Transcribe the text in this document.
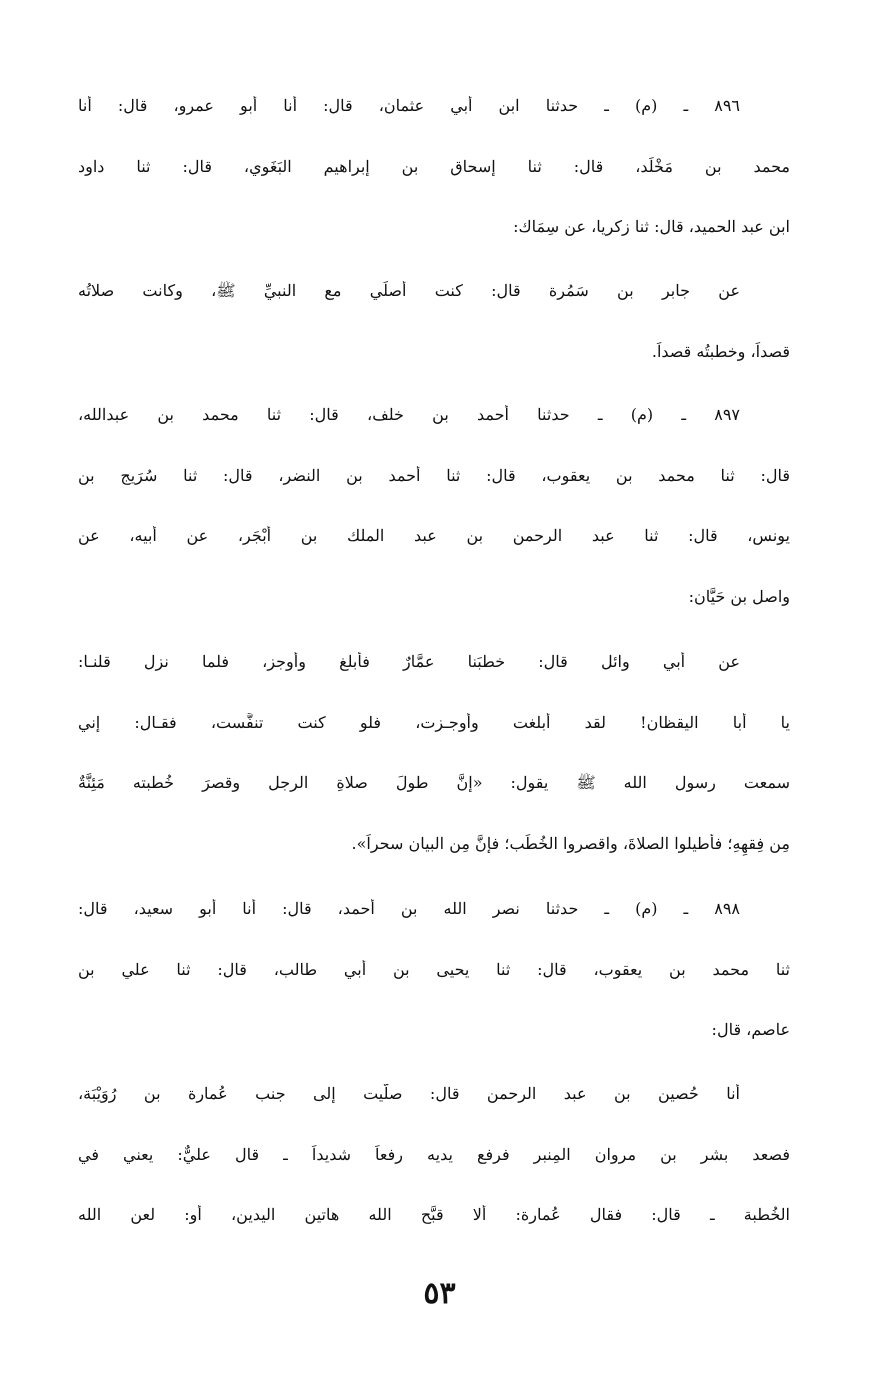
٨٩٦ ـ (م) ـ حدثنا ابن أبي عثمان، قال: أنا أبو عمرو، قال: أنا
محمد بن مَخْلَد، قال: ثنا إسحاق بن إبراهيم البَغَوي، قال: ثنا داود
ابن عبد الحميد، قال: ثنا زكريا، عن سِمَاك:
عن جابر بن سَمُرة قال: كنت أصلِّي مع النبيِّ ﷺ، وكانت صلاتُه
قصداً، وخطبتُه قصداً.
٨٩٧ ـ (م) ـ حدثنا أحمد بن خلف، قال: ثنا محمد بن عبدالله،
قال: ثنا محمد بن يعقوب، قال: ثنا أحمد بن النضر، قال: ثنا سُرَيج بن
يونس، قال: ثنا عبد الرحمن بن عبد الملك بن أَبْجَر، عن أبيه، عن
واصل بن حَيَّان:
عن أبي وائل قال: خطبَنا عمَّارٌ فأبلغ وأوجز، فلما نزل قلنـا:
يا أبا اليقظان! لقد أبلغت وأوجـزت، فلو كنت تنفَّست، فقـال: إني
سمعت رسول الله ﷺ يقول: «إنَّ طولَ صلاةِ الرجل وقصرَ خُطبته مَئِنَّةٌ
مِن فِقهِهِ؛ فأطيلوا الصلاةَ، واقصروا الخُطَب؛ فإنَّ مِن البيان سحراً».
٨٩٨ ـ (م) ـ حدثنا نصر الله بن أحمد، قال: أنا أبو سعيد، قال:
ثنا محمد بن يعقوب، قال: ثنا يحيى بن أبي طالب، قال: ثنا علي بن
عاصم، قال:
أنا حُصين بن عبد الرحمن قال: صلَّيت إلى جنب عُمارة بن رُوَيْبَة،
فصعد بشر بن مروان المِنبر فرفع يديه رفعاً شديداً ـ قال عليٌّ: يعني في
الخُطبة ـ قال: فقال عُمارة: ألا قبَّح الله هاتين اليدين، أو: لعن الله
٥٣
